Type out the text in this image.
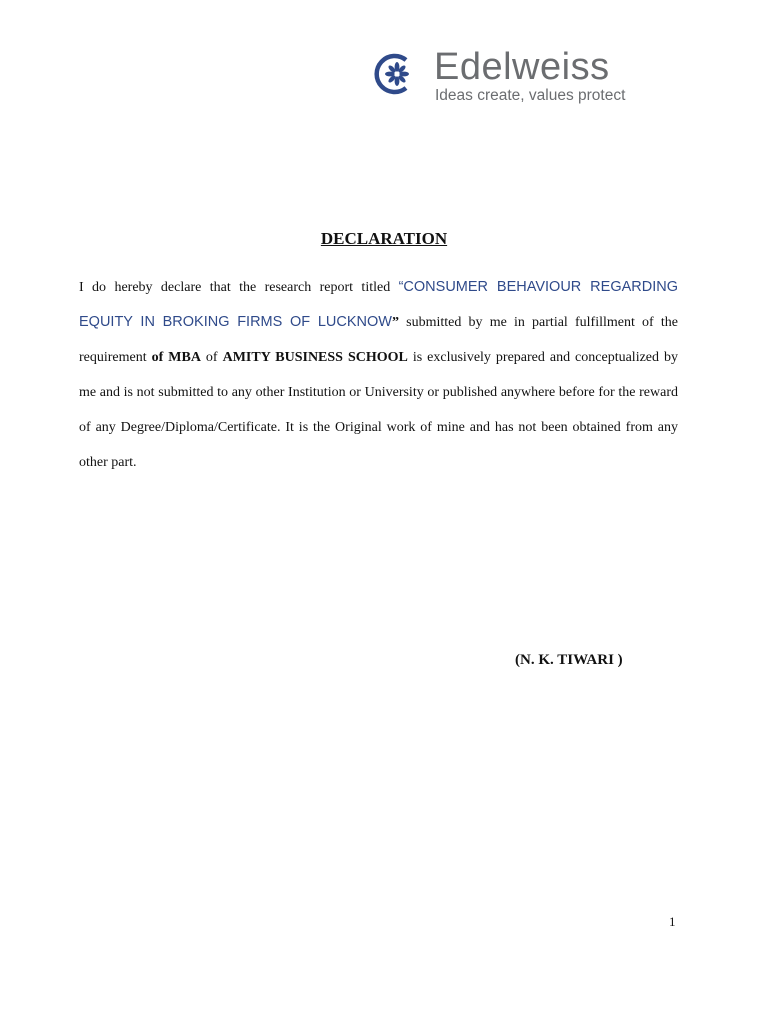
Edelweiss
Ideas create, values protect
DECLARATION

I do hereby declare that the research report titled “CONSUMER BEHAVIOUR REGARDING EQUITY IN BROKING FIRMS OF LUCKNOW” submitted by me in partial fulfillment of the requirement of MBA of AMITY BUSINESS SCHOOL is exclusively prepared and conceptualized by me and is not submitted to any other Institution or University or published anywhere before for the reward of any Degree/Diploma/Certificate. It is the Original work of mine and has not been obtained from any other part.

(N. K. TIWARI )
1
